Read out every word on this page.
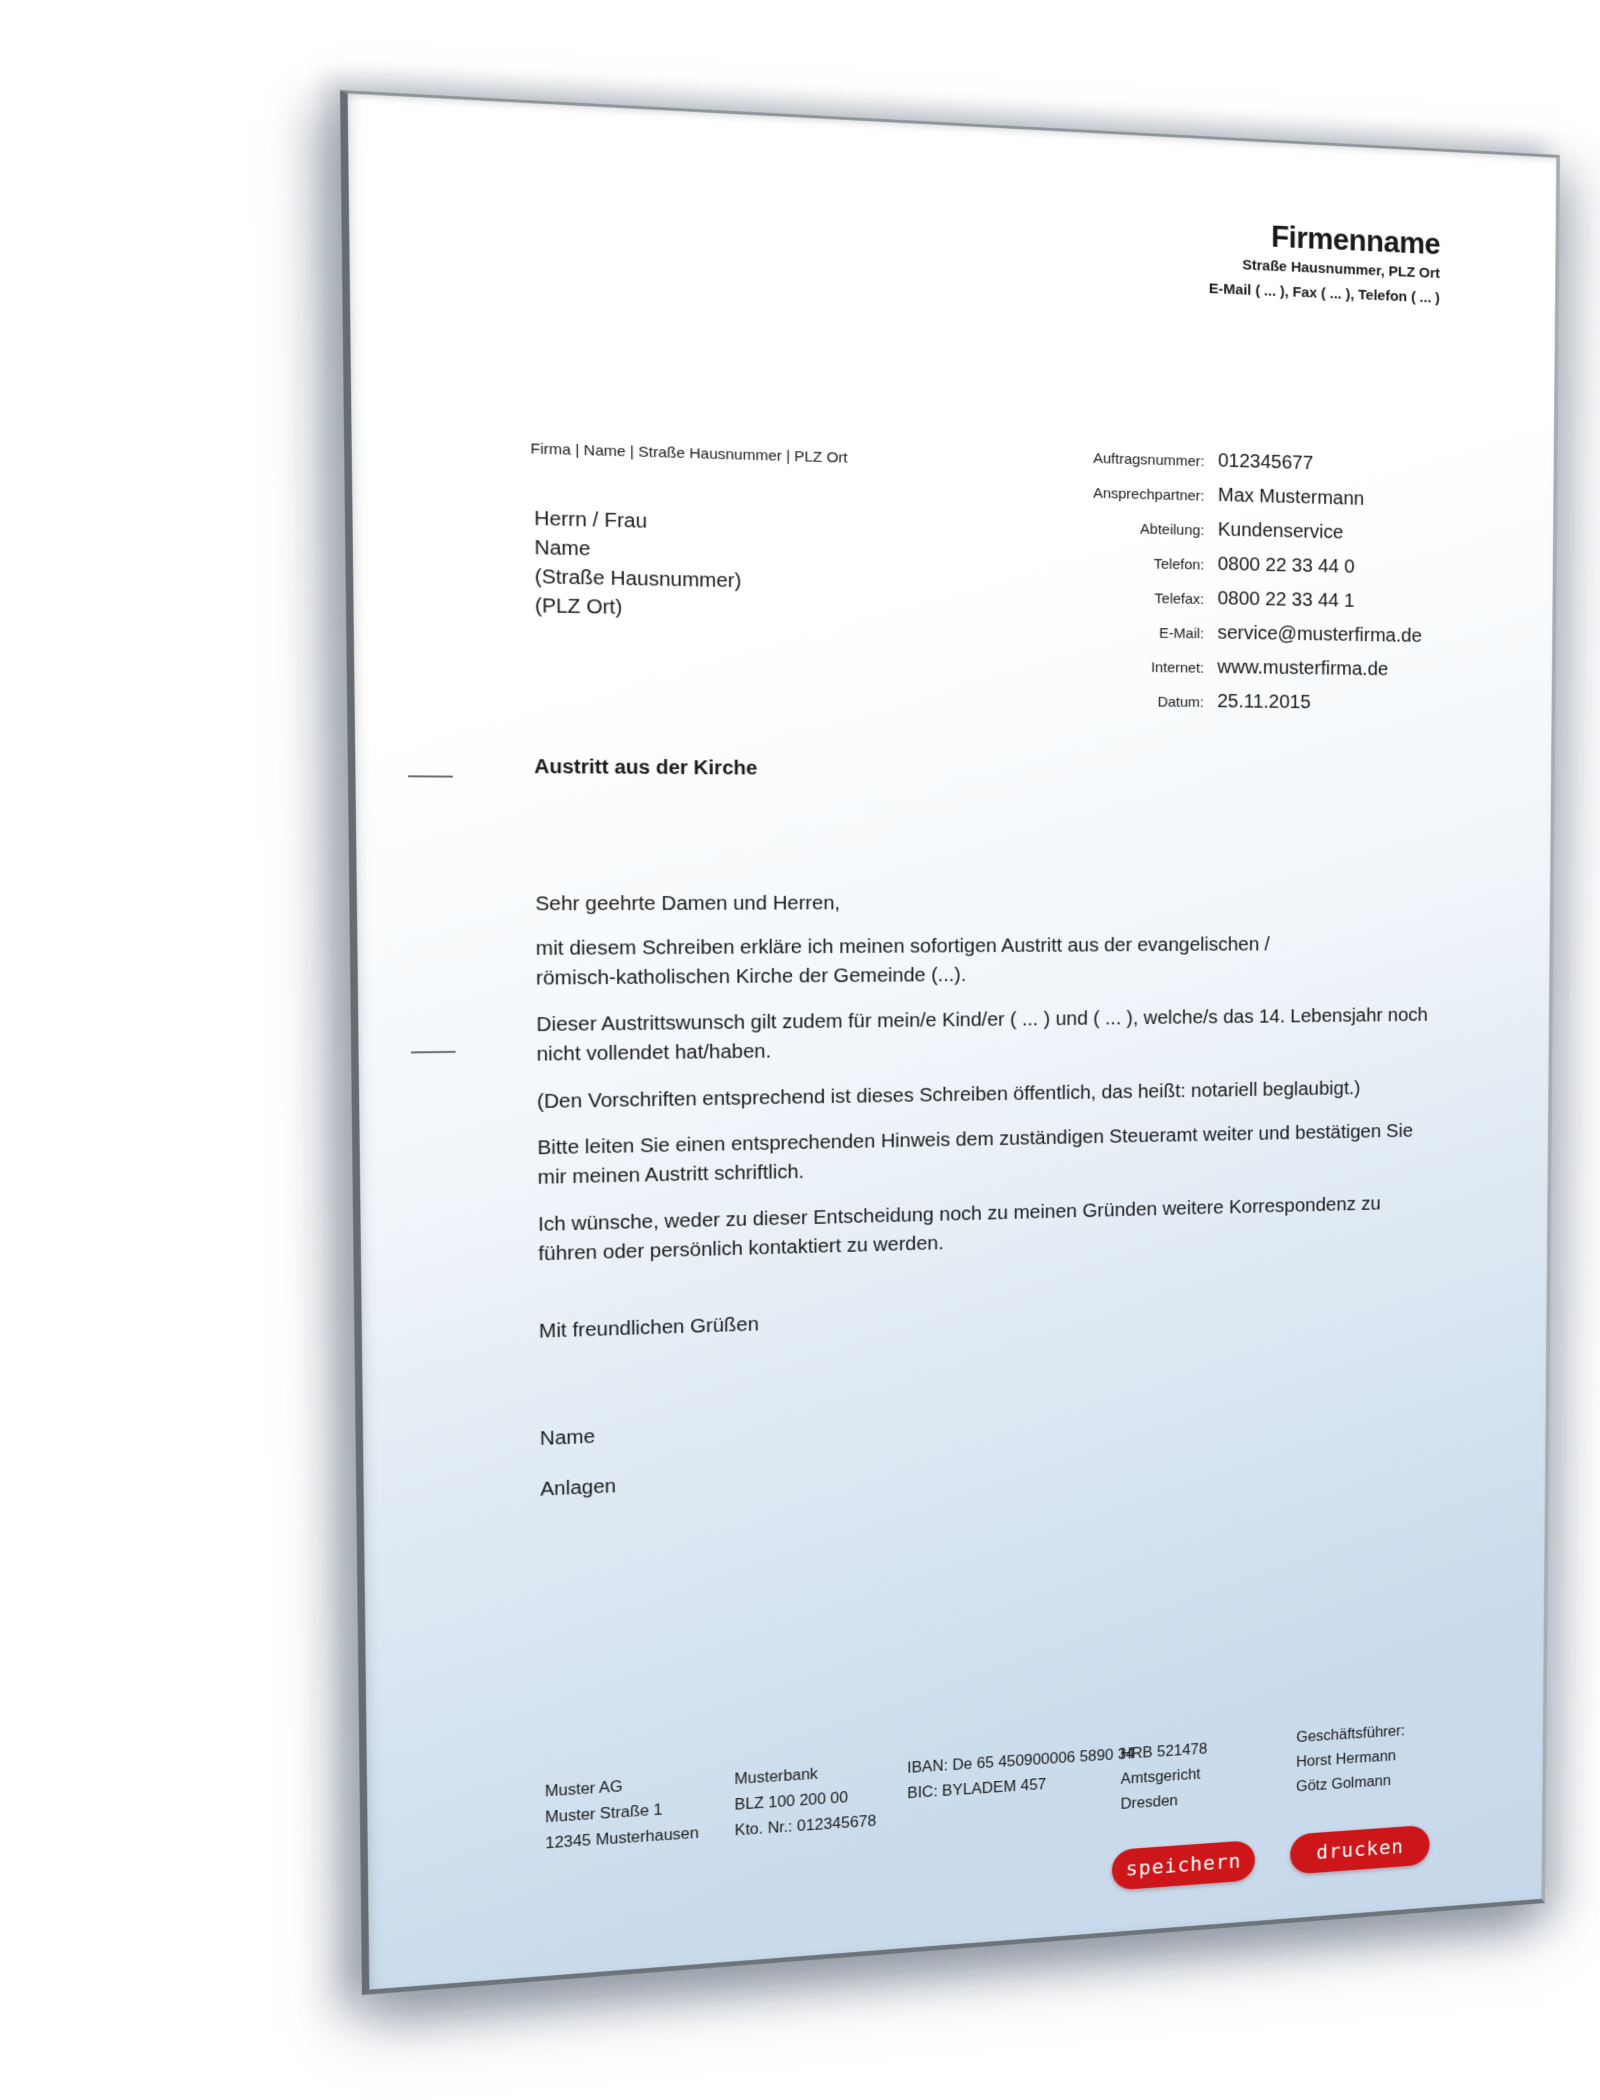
Firmenname
Straße Hausnummer, PLZ Ort
E-Mail ( ... ), Fax ( ... ), Telefon ( ... )
Firma | Name | Straße Hausnummer | PLZ Ort
Herrn / Frau
Name
(Straße Hausnummer)
(PLZ Ort)
Auftragsnummer: 012345677
Ansprechpartner: Max Mustermann
Abteilung: Kundenservice
Telefon: 0800 22 33 44 0
Telefax: 0800 22 33 44 1
E-Mail: service@musterfirma.de
Internet: www.musterfirma.de
Datum: 25.11.2015
Austritt aus der Kirche

Sehr geehrte Damen und Herren,

mit diesem Schreiben erkläre ich meinen sofortigen Austritt aus der evangelischen /
römisch-katholischen Kirche der Gemeinde (...).

Dieser Austrittswunsch gilt zudem für mein/e Kind/er ( ... ) und ( ... ), welche/s das 14. Lebensjahr noch
nicht vollendet hat/haben.

(Den Vorschriften entsprechend ist dieses Schreiben öffentlich, das heißt: notariell beglaubigt.)

Bitte leiten Sie einen entsprechenden Hinweis dem zuständigen Steueramt weiter und bestätigen Sie
mir meinen Austritt schriftlich.

Ich wünsche, weder zu dieser Entscheidung noch zu meinen Gründen weitere Korrespondenz zu
führen oder persönlich kontaktiert zu werden.

Mit freundlichen Grüßen

Name

Anlagen

Muster AG
Muster Straße 1
12345 Musterhausen
Musterbank
BLZ 100 200 00
Kto. Nr.: 012345678
IBAN: De 65 450900006 5890 34
BIC: BYLADEM 457
HRB 521478
Amtsgericht
Dresden
Geschäftsführer:
Horst Hermann
Götz Golmann
speichern
drucken
